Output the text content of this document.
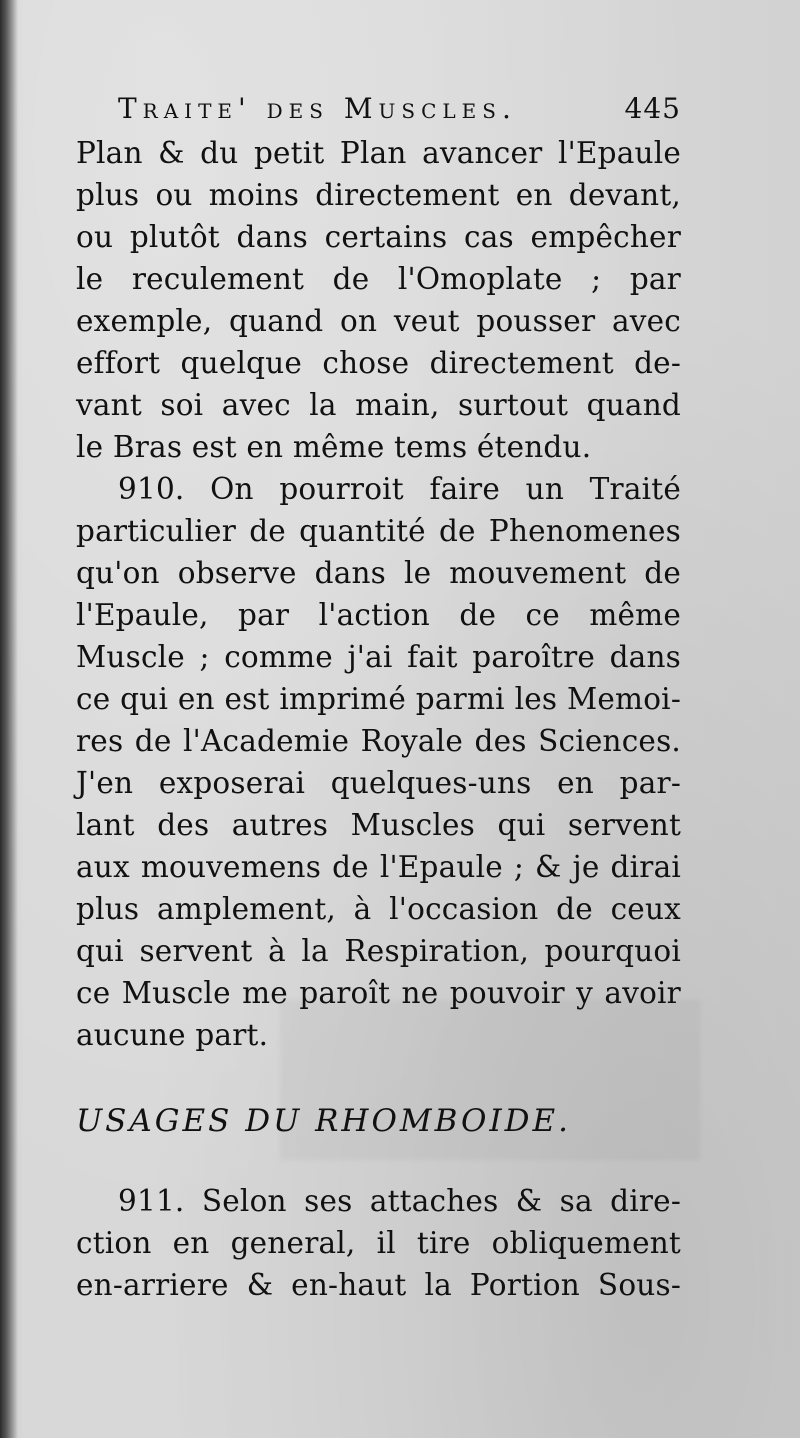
Traite' des Muscles.	445
Plan & du petit Plan avancer l'Epaule
plus ou moins directement en devant,
ou plutôt dans certains cas empêcher
le reculement de l'Omoplate ; par
exemple, quand on veut pousser avec
effort quelque chose directement de-
vant soi avec la main, surtout quand
le Bras est en même tems étendu.
910. On pourroit faire un Traité
particulier de quantité de Phenomenes
qu'on observe dans le mouvement de
l'Epaule, par l'action de ce même
Muscle ; comme j'ai fait paroître dans
ce qui en est imprimé parmi les Memoi-
res de l'Academie Royale des Sciences.
J'en exposerai quelques-uns en par-
lant des autres Muscles qui servent
aux mouvemens de l'Epaule ; & je dirai
plus amplement, à l'occasion de ceux
qui servent à la Respiration, pourquoi
ce Muscle me paroît ne pouvoir y avoir
aucune part.
USAGES DU RHOMBOIDE.
911. Selon ses attaches & sa dire-
ction en general, il tire obliquement
en-arriere & en-haut la Portion Sous-
